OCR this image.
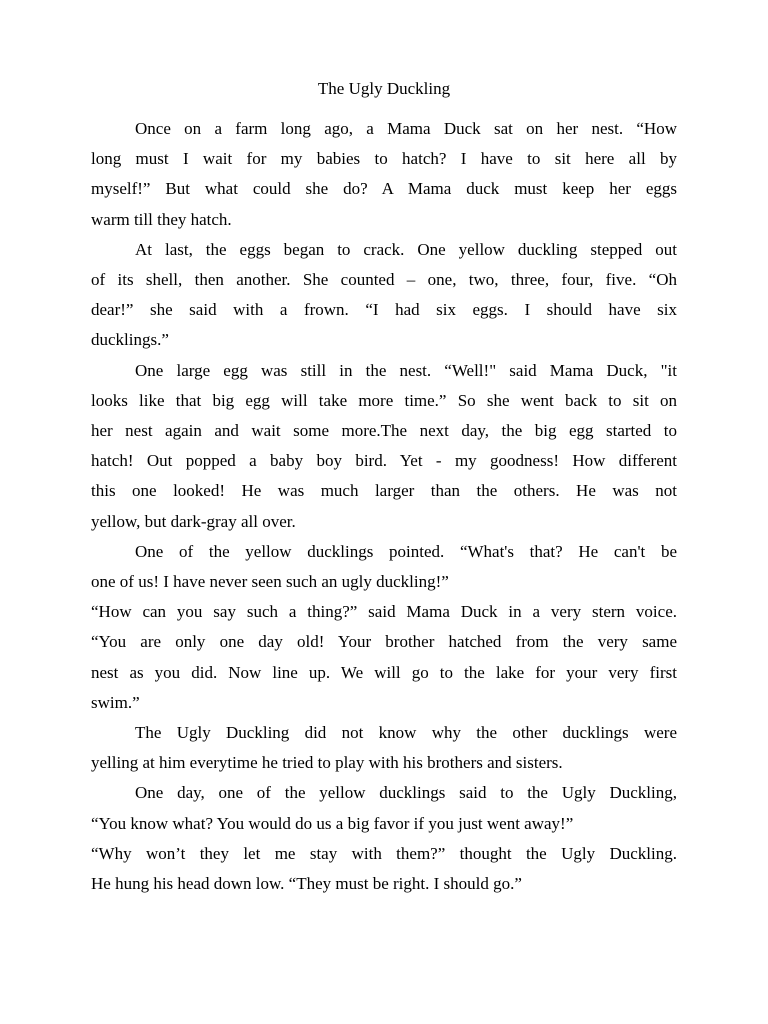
The Ugly Duckling

Once on a farm long ago, a Mama Duck sat on her nest. “How

long must I wait for my babies to hatch? I have to sit here all by

myself!” But what could she do? A Mama duck must keep her eggs

warm till they hatch.

At last, the eggs began to crack. One yellow duckling stepped out

of its shell, then another. She counted – one, two, three, four, five. “Oh

dear!” she said with a frown. “I had six eggs. I should have six

ducklings.”

One large egg was still in the nest. “Well!" said Mama Duck, "it

looks like that big egg will take more time.” So she went back to sit on

her nest again and wait some more.The next day, the big egg started to

hatch! Out popped a baby boy bird. Yet - my goodness! How different

this one looked! He was much larger than the others. He was not

yellow, but dark-gray all over.

One of the yellow ducklings pointed. “What's that? He can't be

one of us! I have never seen such an ugly duckling!”

“How can you say such a thing?” said Mama Duck in a very stern voice.

“You are only one day old! Your brother hatched from the very same

nest as you did. Now line up. We will go to the lake for your very first

swim.”

The Ugly Duckling did not know why the other ducklings were

yelling at him everytime he tried to play with his brothers and sisters.

One day, one of the yellow ducklings said to the Ugly Duckling,

“You know what? You would do us a big favor if you just went away!”

“Why won’t they let me stay with them?” thought the Ugly Duckling.

He hung his head down low. “They must be right. I should go.”
